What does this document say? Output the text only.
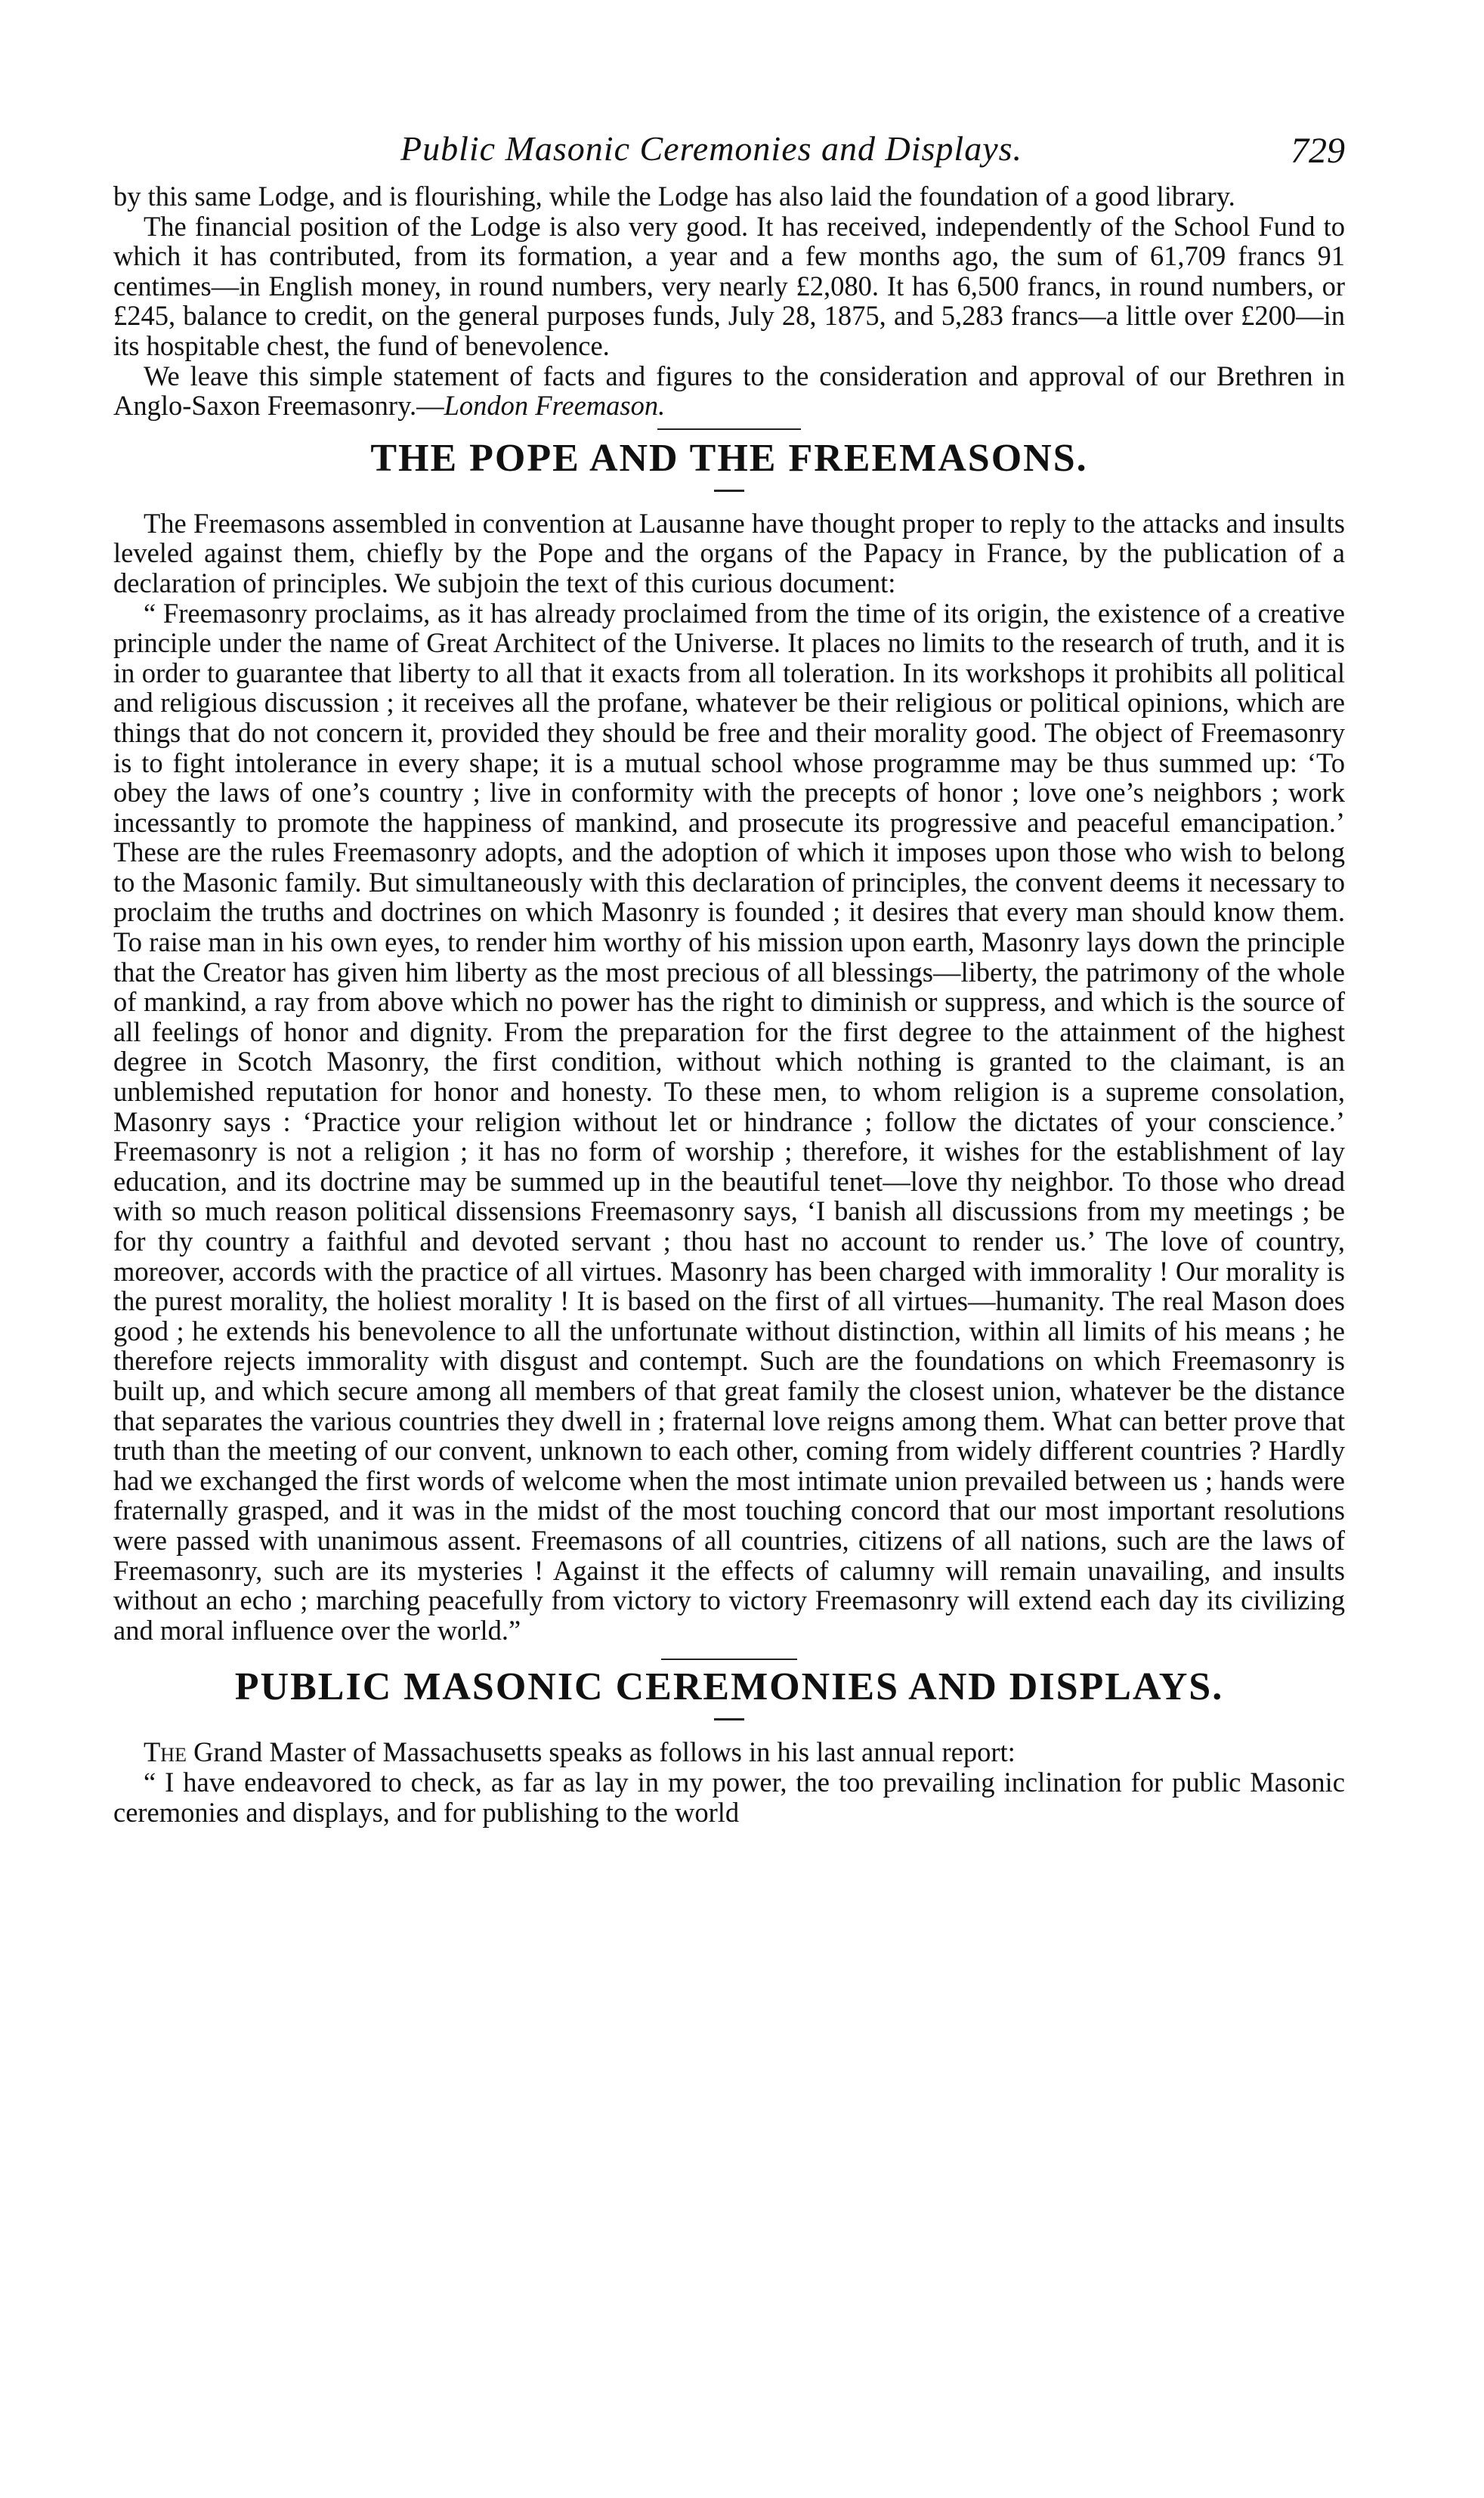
Public Masonic Ceremonies and Displays.	729

by this same Lodge, and is flourishing, while the Lodge has also laid the foundation of a good library.

The financial position of the Lodge is also very good. It has received, independently of the School Fund to which it has contributed, from its formation, a year and a few months ago, the sum of 61,709 francs 91 centimes—in English money, in round numbers, very nearly £2,080. It has 6,500 francs, in round numbers, or £245, balance to credit, on the general purposes funds, July 28, 1875, and 5,283 francs—a little over £200—in its hospitable chest, the fund of benevolence.

We leave this simple statement of facts and figures to the consideration and approval of our Brethren in Anglo-Saxon Freemasonry.—London Freemason.

THE POPE AND THE FREEMASONS.

The Freemasons assembled in convention at Lausanne have thought proper to reply to the attacks and insults leveled against them, chiefly by the Pope and the organs of the Papacy in France, by the publication of a declaration of principles. We subjoin the text of this curious document:

“ Freemasonry proclaims, as it has already proclaimed from the time of its origin, the existence of a creative principle under the name of Great Architect of the Universe. It places no limits to the research of truth, and it is in order to guarantee that liberty to all that it exacts from all toleration. In its workshops it prohibits all political and religious discussion ; it receives all the profane, whatever be their religious or political opinions, which are things that do not concern it, provided they should be free and their morality good. The object of Freemasonry is to fight intolerance in every shape; it is a mutual school whose programme may be thus summed up: ‘To obey the laws of one’s country ; live in conformity with the precepts of honor ; love one’s neighbors ; work incessantly to promote the happiness of mankind, and prosecute its progressive and peaceful emancipation.’ These are the rules Freemasonry adopts, and the adoption of which it imposes upon those who wish to belong to the Masonic family. But simultaneously with this declaration of principles, the convent deems it necessary to proclaim the truths and doctrines on which Masonry is founded ; it desires that every man should know them. To raise man in his own eyes, to render him worthy of his mission upon earth, Masonry lays down the principle that the Creator has given him liberty as the most precious of all blessings—liberty, the patrimony of the whole of mankind, a ray from above which no power has the right to diminish or suppress, and which is the source of all feelings of honor and dignity. From the preparation for the first degree to the attainment of the highest degree in Scotch Masonry, the first condition, without which nothing is granted to the claimant, is an unblemished reputation for honor and honesty. To these men, to whom religion is a supreme consolation, Masonry says : ‘Practice your religion without let or hindrance ; follow the dictates of your conscience.’ Freemasonry is not a religion ; it has no form of worship ; therefore, it wishes for the establishment of lay education, and its doctrine may be summed up in the beautiful tenet—love thy neighbor. To those who dread with so much reason political dissensions Freemasonry says, ‘I banish all discussions from my meetings ; be for thy country a faithful and devoted servant ; thou hast no account to render us.’ The love of country, moreover, accords with the practice of all virtues. Masonry has been charged with immorality ! Our morality is the purest morality, the holiest morality ! It is based on the first of all virtues—humanity. The real Mason does good ; he extends his benevolence to all the unfortunate without distinction, within all limits of his means ; he therefore rejects immorality with disgust and contempt. Such are the foundations on which Freemasonry is built up, and which secure among all members of that great family the closest union, whatever be the distance that separates the various countries they dwell in ; fraternal love reigns among them. What can better prove that truth than the meeting of our convent, unknown to each other, coming from widely different countries ? Hardly had we exchanged the first words of welcome when the most intimate union prevailed between us ; hands were fraternally grasped, and it was in the midst of the most touching concord that our most important resolutions were passed with unanimous assent. Freemasons of all countries, citizens of all nations, such are the laws of Freemasonry, such are its mysteries ! Against it the effects of calumny will remain unavailing, and insults without an echo ; marching peacefully from victory to victory Freemasonry will extend each day its civilizing and moral influence over the world.”

PUBLIC MASONIC CEREMONIES AND DISPLAYS.

The Grand Master of Massachusetts speaks as follows in his last annual report:

“ I have endeavored to check, as far as lay in my power, the too prevailing inclination for public Masonic ceremonies and displays, and for publishing to the world
